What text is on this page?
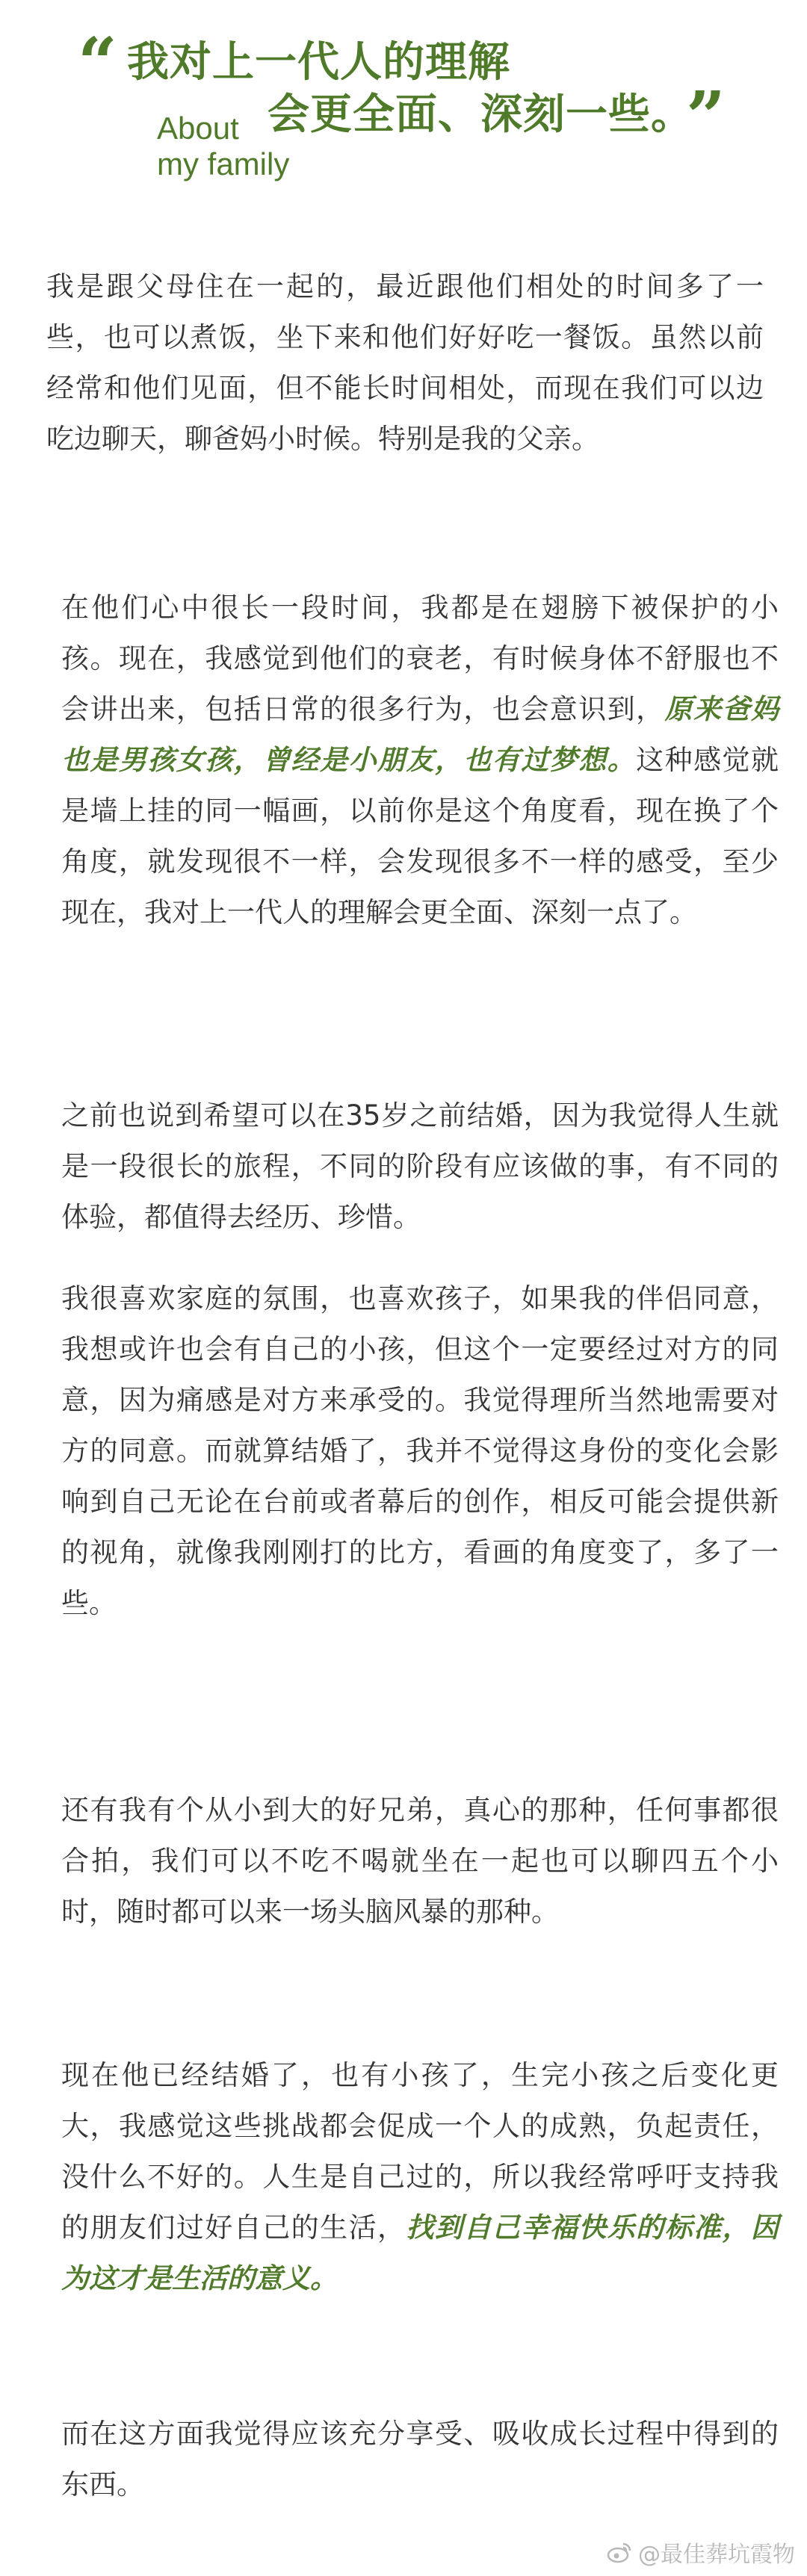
“ 我对上一代人的理解
About
my family
会更全面、深刻一些。
”

我是跟父母住在一起的，最近跟他们相处的时间多了一些，也可以煮饭，坐下来和他们好好吃一餐饭。虽然以前经常和他们见面，但不能长时间相处，而现在我们可以边吃边聊天，聊爸妈小时候。特别是我的父亲。

在他们心中很长一段时间，我都是在翅膀下被保护的小孩。现在，我感觉到他们的衰老，有时候身体不舒服也不会讲出来，包括日常的很多行为，也会意识到，原来爸妈也是男孩女孩，曾经是小朋友，也有过梦想。这种感觉就是墙上挂的同一幅画，以前你是这个角度看，现在换了个角度，就发现很不一样，会发现很多不一样的感受，至少现在，我对上一代人的理解会更全面、深刻一点了。

之前也说到希望可以在35岁之前结婚，因为我觉得人生就是一段很长的旅程，不同的阶段有应该做的事，有不同的体验，都值得去经历、珍惜。

我很喜欢家庭的氛围，也喜欢孩子，如果我的伴侣同意，我想或许也会有自己的小孩，但这个一定要经过对方的同意，因为痛感是对方来承受的。我觉得理所当然地需要对方的同意。而就算结婚了，我并不觉得这身份的变化会影响到自己无论在台前或者幕后的创作，相反可能会提供新的视角，就像我刚刚打的比方，看画的角度变了，多了一些。

还有我有个从小到大的好兄弟，真心的那种，任何事都很合拍，我们可以不吃不喝就坐在一起也可以聊四五个小时，随时都可以来一场头脑风暴的那种。

现在他已经结婚了，也有小孩了，生完小孩之后变化更大，我感觉这些挑战都会促成一个人的成熟，负起责任，没什么不好的。人生是自己过的，所以我经常呼吁支持我的朋友们过好自己的生活，找到自己幸福快乐的标准，因为这才是生活的意义。

而在这方面我觉得应该充分享受、吸收成长过程中得到的东西。

@最佳葬坑霞物
